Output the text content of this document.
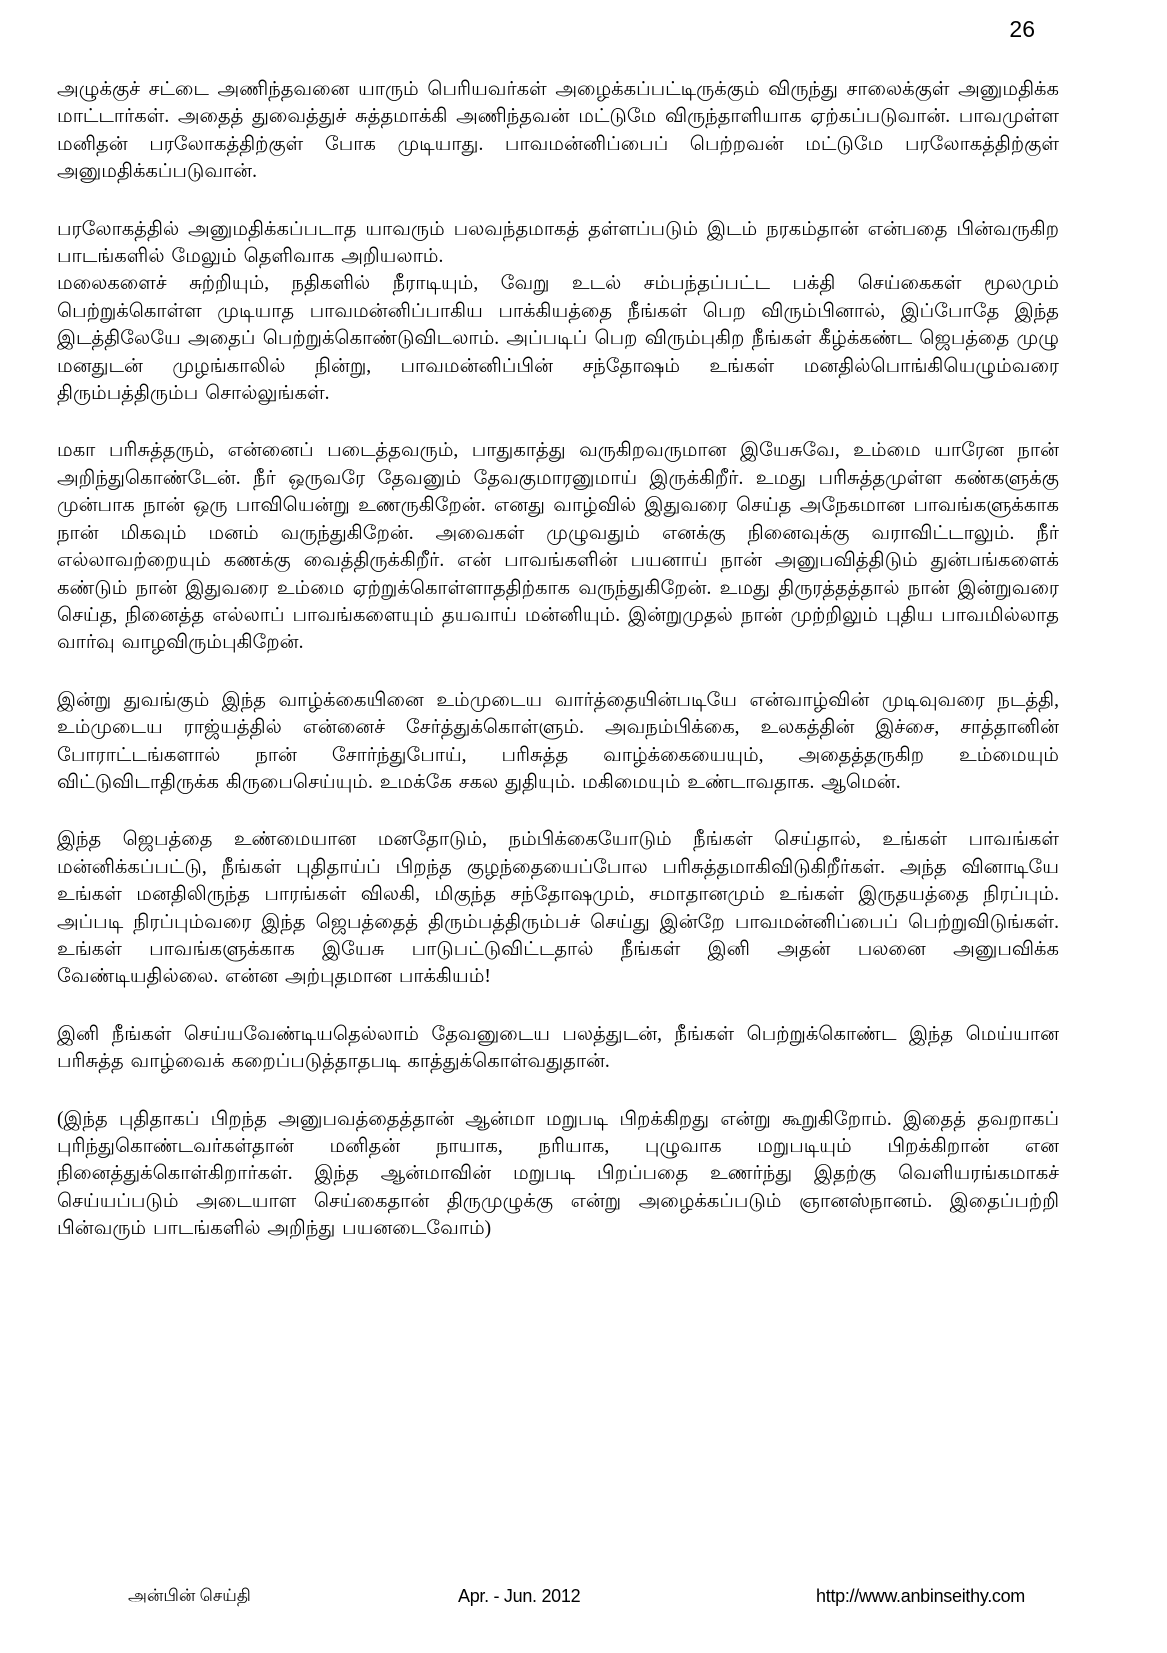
26

அழுக்குச் சட்டை அணிந்தவனை யாரும் பெரியவர்கள் அழைக்கப்பட்டிருக்கும் விருந்து சாலைக்குள் அனுமதிக்க மாட்டார்கள். அதைத் துவைத்துச் சுத்தமாக்கி அணிந்தவன் மட்டுமே விருந்தாளியாக ஏற்கப்படுவான். பாவமுள்ள மனிதன் பரலோகத்திற்குள் போக முடியாது. பாவமன்னிப்பைப் பெற்றவன் மட்டுமே பரலோகத்திற்குள் அனுமதிக்கப்படுவான்.

பரலோகத்தில் அனுமதிக்கப்படாத யாவரும் பலவந்தமாகத் தள்ளப்படும் இடம் நரகம்தான் என்பதை பின்வருகிற பாடங்களில் மேலும் தெளிவாக அறியலாம்.

மலைகளைச் சுற்றியும், நதிகளில் நீராடியும், வேறு உடல் சம்பந்தப்பட்ட பக்தி செய்கைகள் மூலமும் பெற்றுக்கொள்ள முடியாத பாவமன்னிப்பாகிய பாக்கியத்தை நீங்கள் பெற விரும்பினால், இப்போதே இந்த இடத்திலேயே அதைப் பெற்றுக்கொண்டுவிடலாம். அப்படிப் பெற விரும்புகிற நீங்கள் கீழ்க்கண்ட ஜெபத்தை முழு மனதுடன் முழங்காலில் நின்று, பாவமன்னிப்பின் சந்தோஷம் உங்கள் மனதில்பொங்கியெழும்வரை திரும்பத்திரும்ப சொல்லுங்கள்.

மகா பரிசுத்தரும், என்னைப் படைத்தவரும், பாதுகாத்து வருகிறவருமான இயேசுவே, உம்மை யாரேன நான் அறிந்துகொண்டேன். நீர் ஒருவரே தேவனும் தேவகுமாரனுமாய் இருக்கிறீர். உமது பரிசுத்தமுள்ள கண்களுக்கு முன்பாக நான் ஒரு பாவியென்று உணருகிறேன். எனது வாழ்வில் இதுவரை செய்த அநேகமான பாவங்களுக்காக நான் மிகவும் மனம் வருந்துகிறேன். அவைகள் முழுவதும் எனக்கு நினைவுக்கு வராவிட்டாலும். நீர் எல்லாவற்றையும் கணக்கு வைத்திருக்கிறீர். என் பாவங்களின் பயனாய் நான் அனுபவித்திடும் துன்பங்களைக் கண்டும் நான் இதுவரை உம்மை ஏற்றுக்கொள்ளாததிற்காக வருந்துகிறேன். உமது திருரத்தத்தால் நான் இன்றுவரை செய்த, நினைத்த எல்லாப் பாவங்களையும் தயவாய் மன்னியும். இன்றுமுதல் நான் முற்றிலும் புதிய பாவமில்லாத வார்வு வாழவிரும்புகிறேன்.

இன்று துவங்கும் இந்த வாழ்க்கையினை உம்முடைய வார்த்தையின்படியே என்வாழ்வின் முடிவுவரை நடத்தி, உம்முடைய ராஜ்யத்தில் என்னைச் சேர்த்துக்கொள்ளும். அவநம்பிக்கை, உலகத்தின் இச்சை, சாத்தானின் போராட்டங்களால் நான் சோர்ந்துபோய், பரிசுத்த வாழ்க்கையையும், அதைத்தருகிற உம்மையும் விட்டுவிடாதிருக்க கிருபைசெய்யும். உமக்கே சகல துதியும். மகிமையும் உண்டாவதாக. ஆமென்.

இந்த ஜெபத்தை உண்மையான மனதோடும், நம்பிக்கையோடும் நீங்கள் செய்தால், உங்கள் பாவங்கள் மன்னிக்கப்பட்டு, நீங்கள் புதிதாய்ப் பிறந்த குழந்தையைப்போல பரிசுத்தமாகிவிடுகிறீர்கள். அந்த வினாடியே உங்கள் மனதிலிருந்த பாரங்கள் விலகி, மிகுந்த சந்தோஷமும், சமாதானமும் உங்கள் இருதயத்தை நிரப்பும். அப்படி நிரப்பும்வரை இந்த ஜெபத்தைத் திரும்பத்திரும்பச் செய்து இன்றே பாவமன்னிப்பைப் பெற்றுவிடுங்கள். உங்கள் பாவங்களுக்காக இயேசு பாடுபட்டுவிட்டதால் நீங்கள் இனி அதன் பலனை அனுபவிக்க வேண்டியதில்லை. என்ன அற்புதமான பாக்கியம்!

இனி நீங்கள் செய்யவேண்டியதெல்லாம் தேவனுடைய பலத்துடன், நீங்கள் பெற்றுக்கொண்ட இந்த மெய்யான பரிசுத்த வாழ்வைக் கறைப்படுத்தாதபடி காத்துக்கொள்வதுதான்.

(இந்த புதிதாகப் பிறந்த அனுபவத்தைத்தான் ஆன்மா மறுபடி பிறக்கிறது என்று கூறுகிறோம். இதைத் தவறாகப் புரிந்துகொண்டவர்கள்தான் மனிதன் நாயாக, நரியாக, புழுவாக மறுபடியும் பிறக்கிறான் என நினைத்துக்கொள்கிறார்கள். இந்த ஆன்மாவின் மறுபடி பிறப்பதை உணர்ந்து இதற்கு வெளியரங்கமாகச் செய்யப்படும் அடையாள செய்கைதான் திருமுழுக்கு என்று அழைக்கப்படும் ஞானஸ்நானம். இதைப்பற்றி பின்வரும் பாடங்களில் அறிந்து பயனடைவோம்)

அன்பின் செய்தி	Apr. - Jun. 2012	http://www.anbinseithy.com
